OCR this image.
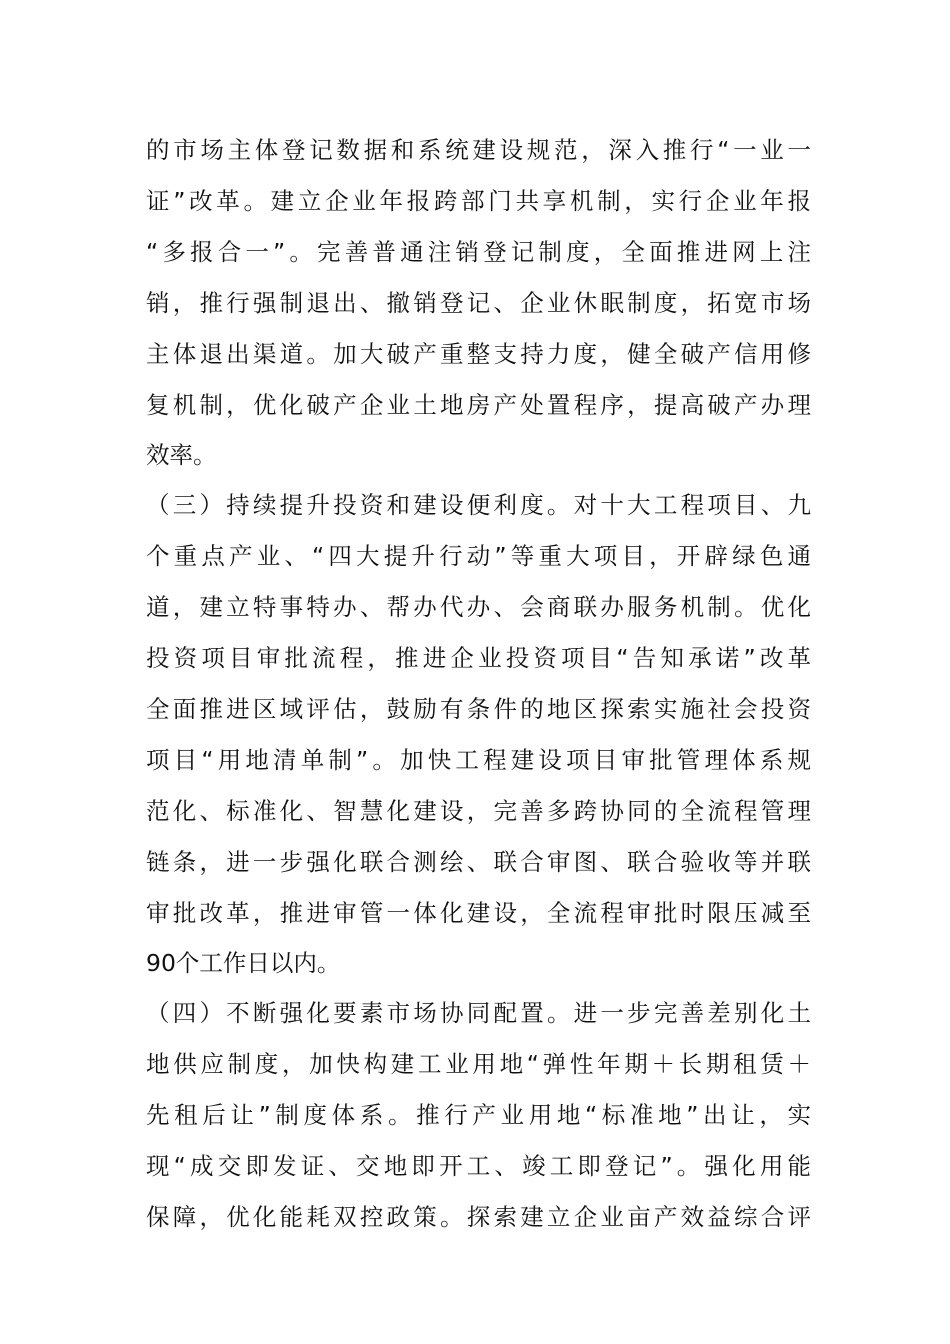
的市场主体登记数据和系统建设规范，深入推行“一业一
证”改革。建立企业年报跨部门共享机制，实行企业年报
“多报合一”。完善普通注销登记制度，全面推进网上注
销，推行强制退出、撤销登记、企业休眠制度，拓宽市场
主体退出渠道。加大破产重整支持力度，健全破产信用修
复机制，优化破产企业土地房产处置程序，提高破产办理
效率。
（三）持续提升投资和建设便利度。对十大工程项目、九
个重点产业、“四大提升行动”等重大项目，开辟绿色通
道，建立特事特办、帮办代办、会商联办服务机制。优化
投资项目审批流程，推进企业投资项目“告知承诺”改革
全面推进区域评估，鼓励有条件的地区探索实施社会投资
项目“用地清单制”。加快工程建设项目审批管理体系规
范化、标准化、智慧化建设，完善多跨协同的全流程管理
链条，进一步强化联合测绘、联合审图、联合验收等并联
审批改革，推进审管一体化建设，全流程审批时限压减至
90个工作日以内。
（四）不断强化要素市场协同配置。进一步完善差别化土
地供应制度，加快构建工业用地“弹性年期＋长期租赁＋
先租后让”制度体系。推行产业用地“标准地”出让，实
现“成交即发证、交地即开工、竣工即登记”。强化用能
保障，优化能耗双控政策。探索建立企业亩产效益综合评
